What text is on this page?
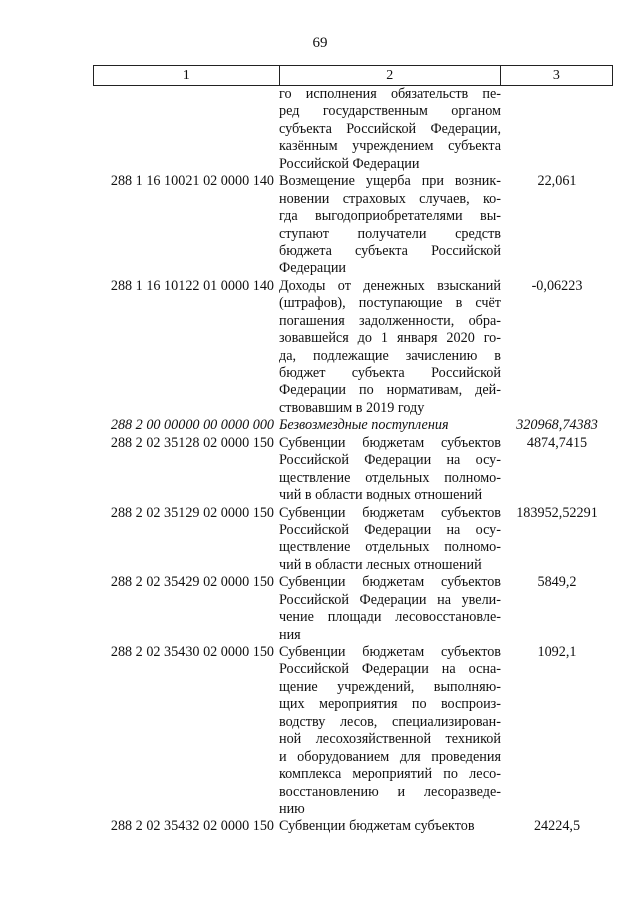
69
1	2	3
го исполнения обязательств пе-
ред государственным органом
субъекта Российской Федерации,
казённым учреждением субъекта
Российской Федерации
288 1 16 10021 02 0000 140 Возмещение ущерба при возник-
новении страховых случаев, ко-
гда выгодоприобретателями вы-
ступают получатели средств
бюджета субъекта Российской
Федерации
22,061
288 1 16 10122 01 0000 140 Доходы от денежных взысканий
(штрафов), поступающие в счёт
погашения задолженности, обра-
зовавшейся до 1 января 2020 го-
да, подлежащие зачислению в
бюджет субъекта Российской
Федерации по нормативам, дей-
ствовавшим в 2019 году
-0,06223
288 2 00 00000 00 0000 000 Безвозмездные поступления	320968,74383
288 2 02 35128 02 0000 150 Субвенции бюджетам субъектов
Российской Федерации на осу-
ществление отдельных полномо-
чий в области водных отношений
4874,7415
288 2 02 35129 02 0000 150 Субвенции бюджетам субъектов
Российской Федерации на осу-
ществление отдельных полномо-
чий в области лесных отношений
183952,52291
288 2 02 35429 02 0000 150 Субвенции бюджетам субъектов
Российской Федерации на увели-
чение площади лесовосстановле-
ния
5849,2
288 2 02 35430 02 0000 150 Субвенции бюджетам субъектов
Российской Федерации на осна-
щение учреждений, выполняю-
щих мероприятия по воспроиз-
водству лесов, специализирован-
ной лесохозяйственной техникой
и оборудованием для проведения
комплекса мероприятий по лесо-
восстановлению и лесоразведе-
нию
1092,1
288 2 02 35432 02 0000 150 Субвенции бюджетам субъектов	24224,5
